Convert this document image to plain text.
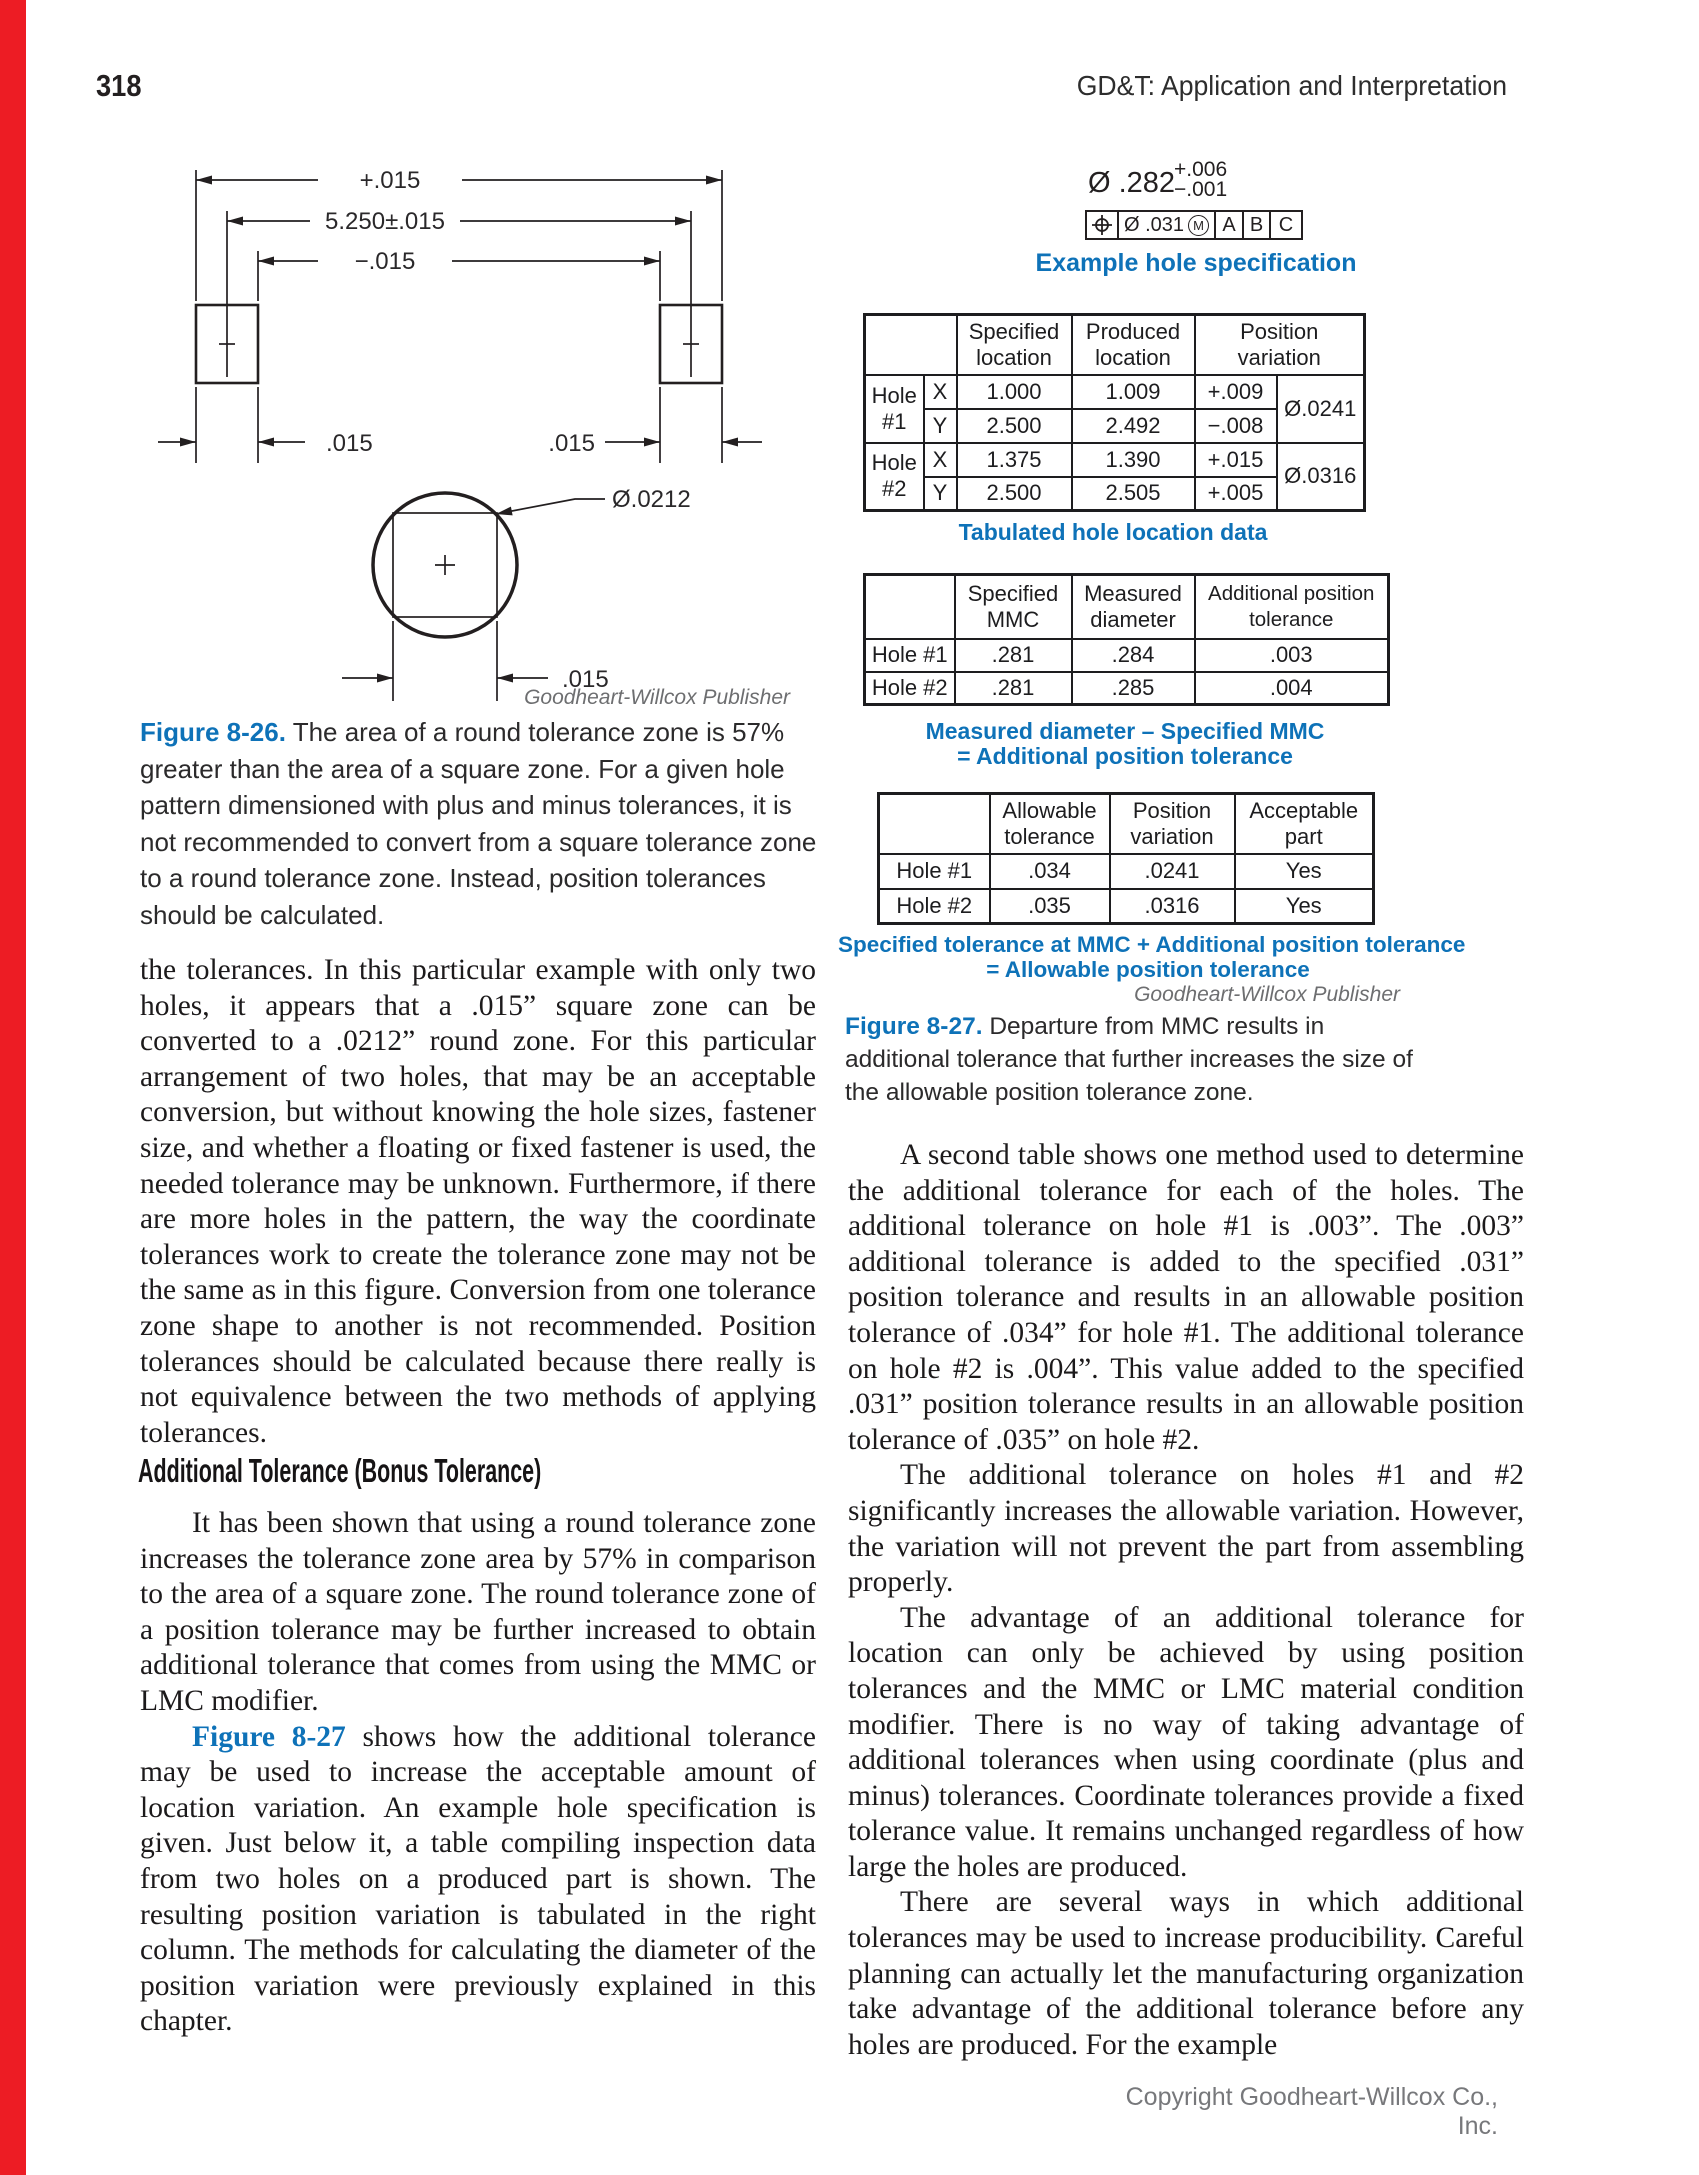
318	GD&T: Application and Interpretation
+.015
5.250±.015
−.015
.015	.015
Ø.0212
.015
Goodheart-Willcox Publisher
Figure 8-26. The area of a round tolerance zone is 57% greater than the area of a square zone. For a given hole pattern dimensioned with plus and minus tolerances, it is not recommended to convert from a square tolerance zone to a round tolerance zone. Instead, position tolerances should be calculated.

the tolerances. In this particular example with only two holes, it appears that a .015” square zone can be converted to a .0212” round zone. For this particular arrangement of two holes, that may be an acceptable conversion, but without knowing the hole sizes, fastener size, and whether a floating or fixed fastener is used, the needed tolerance may be unknown. Furthermore, if there are more holes in the pattern, the way the coordinate tolerances work to create the tolerance zone may not be the same as in this figure. Conversion from one tolerance zone shape to another is not recommended. Position tolerances should be calculated because there really is not equivalence between the two methods of applying tolerances.

Additional Tolerance (Bonus Tolerance)

It has been shown that using a round tolerance zone increases the tolerance zone area by 57% in comparison to the area of a square zone. The round tolerance zone of a position tolerance may be further increased to obtain additional tolerance that comes from using the MMC or LMC modifier.

Figure 8-27 shows how the additional tolerance may be used to increase the acceptable amount of location variation. An example hole specification is given. Just below it, a table compiling inspection data from two holes on a produced part is shown. The resulting position variation is tabulated in the right column. The methods for calculating the diameter of the position variation were previously explained in this chapter.

Ø .282
+.006
−.001
Ø .031 M A B C
Example hole specification
		Specified location	Produced location	Position variation	
Hole #1	X	1.000	1.009	+.009	Ø.0241
	Y	2.500	2.492	−.008	
Hole #2	X	1.375	1.390	+.015	Ø.0316
	Y	2.500	2.505	+.005	
Tabulated hole location data
	Specified MMC	Measured diameter	Additional position tolerance
Hole #1	.281	.284	.003
Hole #2	.281	.285	.004
Measured diameter – Specified MMC
= Additional position tolerance
	Allowable tolerance	Position variation	Acceptable part
Hole #1	.034	.0241	Yes
Hole #2	.035	.0316	Yes
Specified tolerance at MMC + Additional position tolerance
= Allowable position tolerance
Goodheart-Willcox Publisher
Figure 8-27. Departure from MMC results in additional tolerance that further increases the size of the allowable position tolerance zone.

A second table shows one method used to determine the additional tolerance for each of the holes. The additional tolerance on hole #1 is .003”. The .003” additional tolerance is added to the specified .031” position tolerance and results in an allowable position tolerance of .034” for hole #1. The additional tolerance on hole #2 is .004”. This value added to the specified .031” position tolerance results in an allowable position tolerance of .035” on hole #2.

The additional tolerance on holes #1 and #2 significantly increases the allowable variation. However, the variation will not prevent the part from assembling properly.

The advantage of an additional tolerance for location can only be achieved by using position tolerances and the MMC or LMC material condition modifier. There is no way of taking advantage of additional tolerances when using coordinate (plus and minus) tolerances. Coordinate tolerances provide a fixed tolerance value. It remains unchanged regardless of how large the holes are produced.

There are several ways in which additional tolerances may be used to increase producibility. Careful planning can actually let the manufacturing organization take advantage of the additional tolerance before any holes are produced. For the example

Copyright Goodheart-Willcox Co., Inc.
